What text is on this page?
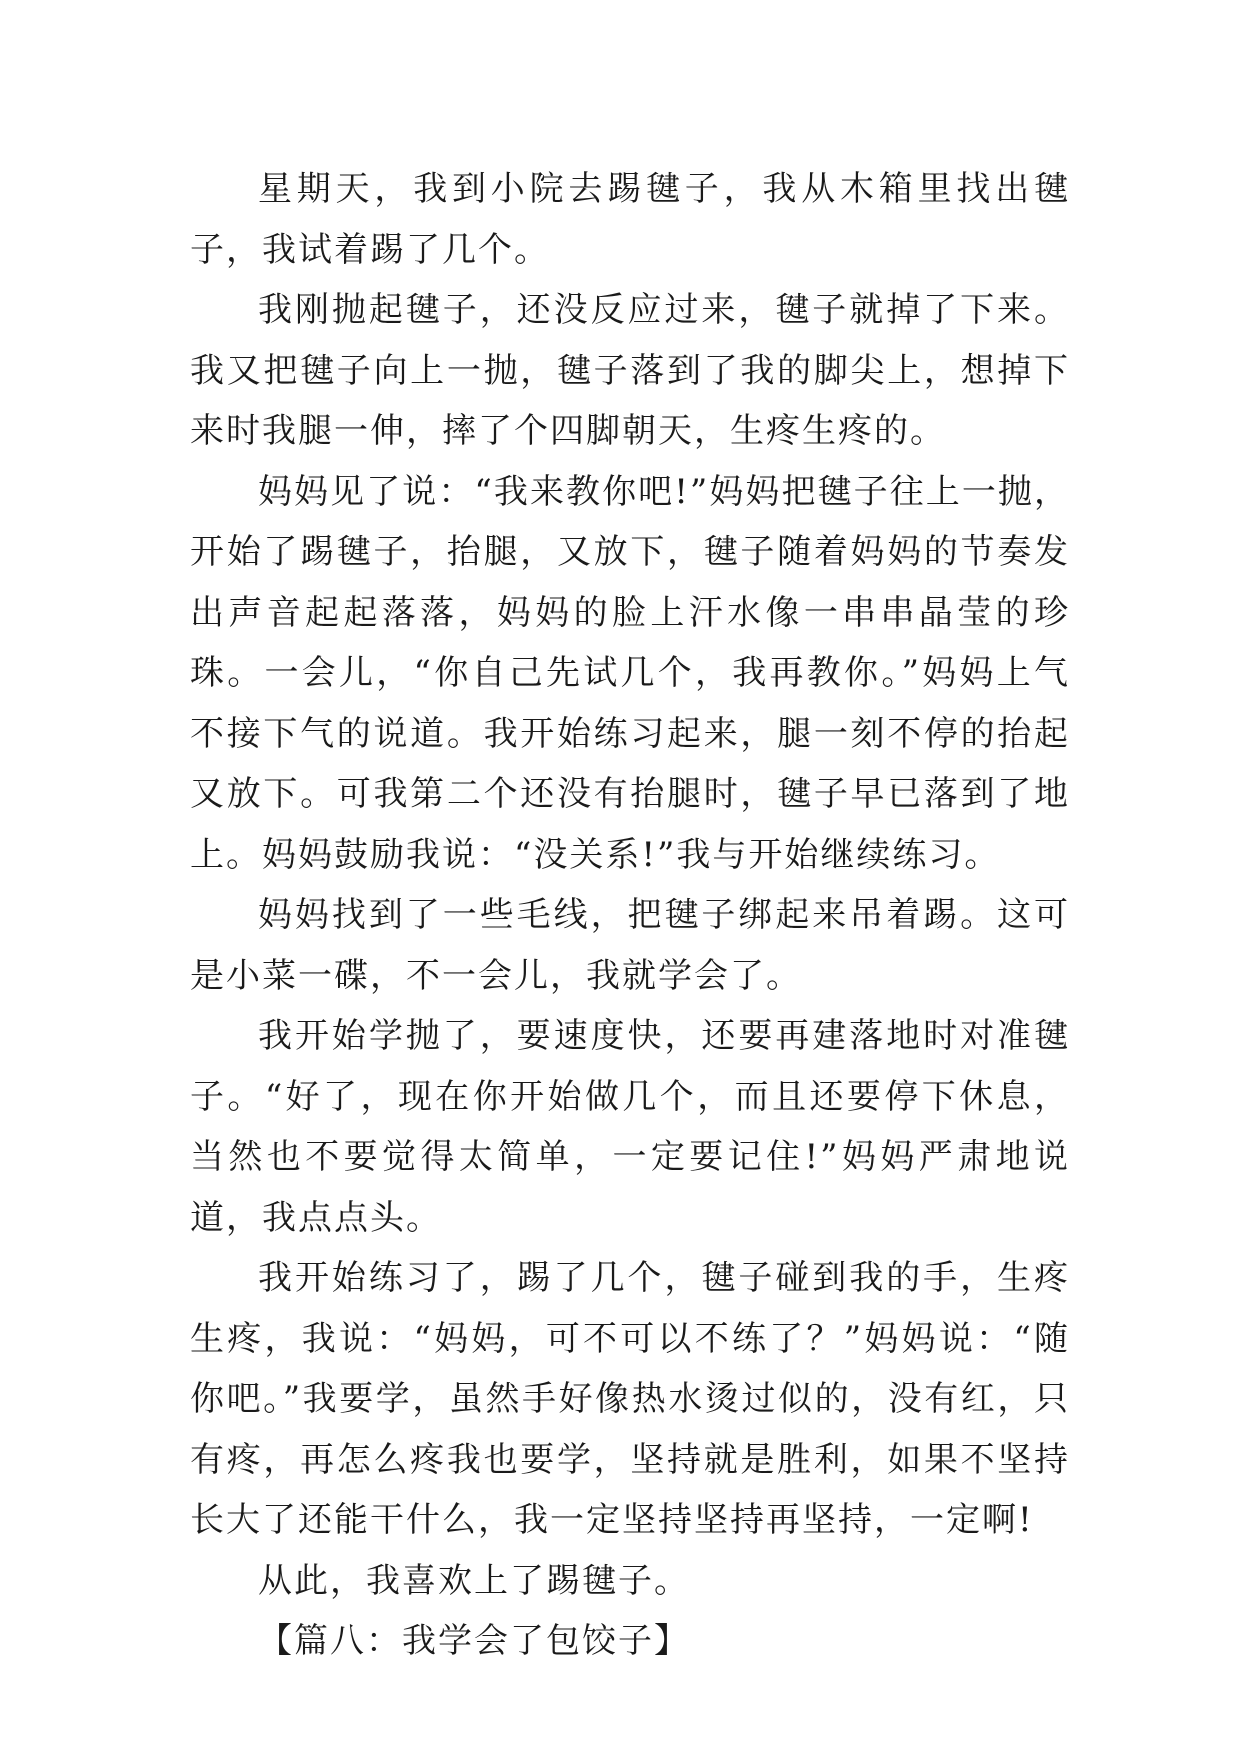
星期天，我到小院去踢毽子，我从木箱里找出毽子，我试着踢了几个。

我刚抛起毽子，还没反应过来，毽子就掉了下来。我又把毽子向上一抛，毽子落到了我的脚尖上，想掉下来时我腿一伸，摔了个四脚朝天，生疼生疼的。

妈妈见了说：“我来教你吧!”妈妈把毽子往上一抛，开始了踢毽子，抬腿，又放下，毽子随着妈妈的节奏发出声音起起落落，妈妈的脸上汗水像一串串晶莹的珍珠。一会儿，“你自己先试几个，我再教你。”妈妈上气不接下气的说道。我开始练习起来，腿一刻不停的抬起又放下。可我第二个还没有抬腿时，毽子早已落到了地上。妈妈鼓励我说：“没关系!”我与开始继续练习。

妈妈找到了一些毛线，把毽子绑起来吊着踢。这可是小菜一碟，不一会儿，我就学会了。

我开始学抛了，要速度快，还要再建落地时对准毽子。“好了，现在你开始做几个，而且还要停下休息，当然也不要觉得太简单，一定要记住!”妈妈严肃地说道，我点点头。

我开始练习了，踢了几个，毽子碰到我的手，生疼生疼，我说：“妈妈，可不可以不练了？”妈妈说：“随你吧。”我要学，虽然手好像热水烫过似的，没有红，只有疼，再怎么疼我也要学，坚持就是胜利，如果不坚持长大了还能干什么，我一定坚持坚持再坚持，一定啊!

从此，我喜欢上了踢毽子。

【篇八：我学会了包饺子】
